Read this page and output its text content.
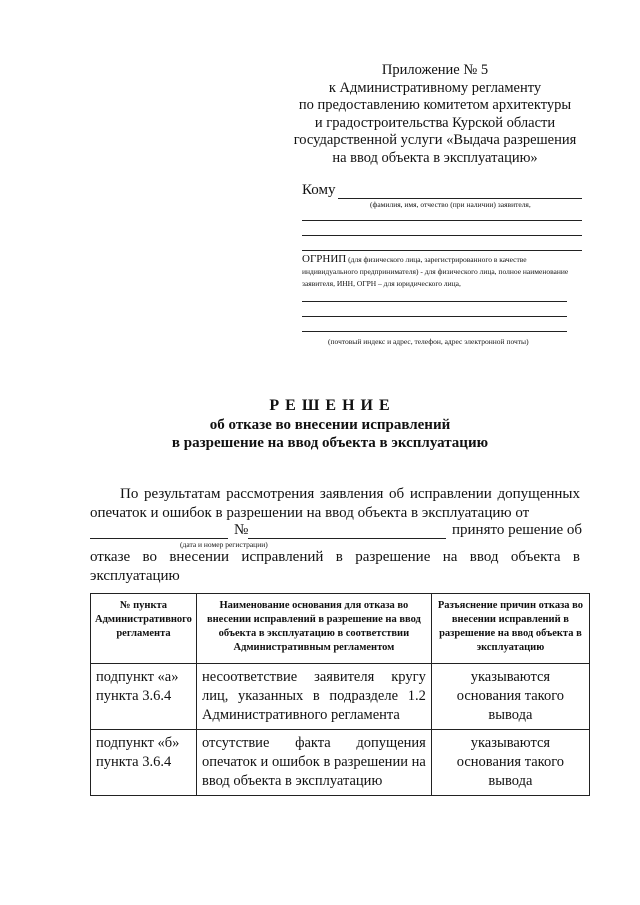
Приложение № 5
к Административному регламенту
по предоставлению комитетом архитектуры
и градостроительства Курской области
государственной услуги «Выдача разрешения
на ввод объекта в эксплуатацию»
Кому
(фамилия, имя, отчество (при наличии) заявителя,
ОГРНИП (для физического лица, зарегистрированного в качестве индивидуального предпринимателя) - для физического лица, полное наименование заявителя, ИНН, ОГРН – для юридического лица,
(почтовый индекс и адрес, телефон, адрес электронной почты)
Р Е Ш Е Н И Е
об отказе во внесении исправлений
в разрешение на ввод объекта в эксплуатацию
По результатам рассмотрения заявления об исправлении допущенных опечаток и ошибок в разрешении на ввод объекта в эксплуатацию от
№	принято решение об
(дата и номер регистрации)
отказе во внесении исправлений в разрешение на ввод объекта в эксплуатацию
№ пункта Административного регламента	Наименование основания для отказа во внесении исправлений в разрешение на ввод объекта в эксплуатацию в соответствии Административным регламентом	Разъяснение причин отказа во внесении исправлений в разрешение на ввод объекта в эксплуатацию
подпункт «а» пункта 3.6.4	несоответствие заявителя кругу лиц, указанных в подразделе 1.2 Административного регламента	указываются основания такого вывода
подпункт «б» пункта 3.6.4	отсутствие факта допущения опечаток и ошибок в разрешении на ввод объекта в эксплуатацию	указываются основания такого вывода
